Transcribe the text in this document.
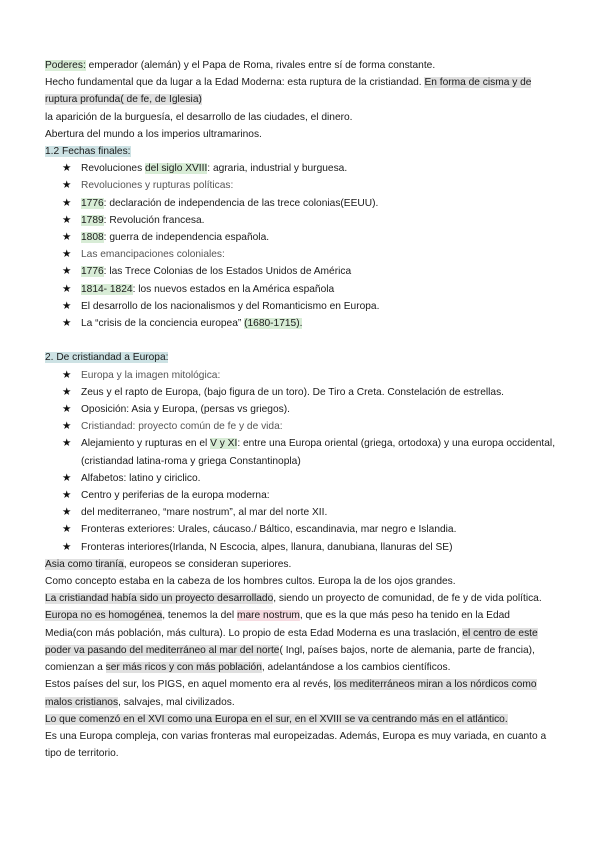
Poderes: emperador (alemán) y el Papa de Roma, rivales entre sí de forma constante.

Hecho fundamental que da lugar a la Edad Moderna: esta ruptura de la cristiandad. En forma de cisma y de ruptura profunda( de fe, de Iglesia)

la aparición de la burguesía, el desarrollo de las ciudades, el dinero.

Abertura del mundo a los imperios ultramarinos.

1.2 Fechas finales:

★ Revoluciones del siglo XVIII: agraria, industrial y burguesa.
★ Revoluciones y rupturas políticas:
★ 1776: declaración de independencia de las trece colonias(EEUU).
★ 1789: Revolución francesa.
★ 1808: guerra de independencia española.
★ Las emancipaciones coloniales:
★ 1776: las Trece Colonias de los Estados Unidos de América
★ 1814- 1824: los nuevos estados en la América española
★ El desarrollo de los nacionalismos y del Romanticismo en Europa.
★ La “crisis de la conciencia europea” (1680-1715).

2. De cristiandad a Europa:

★ Europa y la imagen mitológica:
★ Zeus y el rapto de Europa, (bajo figura de un toro). De Tiro a Creta. Constelación de estrellas.
★ Oposición: Asia y Europa, (persas vs griegos).
★ Cristiandad: proyecto común de fe y de vida:
★ Alejamiento y rupturas en el V y XI: entre una Europa oriental (griega, ortodoxa) y una europa occidental, (cristiandad latina-roma y griega Constantinopla)
★ Alfabetos: latino y ciriclico.
★ Centro y periferias de la europa moderna:
★ del mediterraneo, “mare nostrum”, al mar del norte XII.
★ Fronteras exteriores: Urales, cáucaso./ Báltico, escandinavia, mar negro e Islandia.
★ Fronteras interiores(Irlanda, N Escocia, alpes, llanura, danubiana, llanuras del SE)

Asia como tiranía, europeos se consideran superiores.

Como concepto estaba en la cabeza de los hombres cultos. Europa la de los ojos grandes.

La cristiandad había sido un proyecto desarrollado, siendo un proyecto de comunidad, de fe y de vida política.

Europa no es homogénea, tenemos la del mare nostrum, que es la que más peso ha tenido en la Edad Media(con más población, más cultura). Lo propio de esta Edad Moderna es una traslación, el centro de este poder va pasando del mediterráneo al mar del norte( Ingl, países bajos, norte de alemania, parte de francia), comienzan a ser más ricos y con más población, adelantándose a los cambios científicos.

Estos países del sur, los PIGS, en aquel momento era al revés, los mediterráneos miran a los nórdicos como malos cristianos, salvajes, mal civilizados.

Lo que comenzó en el XVI como una Europa en el sur, en el XVIII se va centrando más en el atlántico.

Es una Europa compleja, con varias fronteras mal europeizadas. Además, Europa es muy variada, en cuanto a tipo de territorio.
